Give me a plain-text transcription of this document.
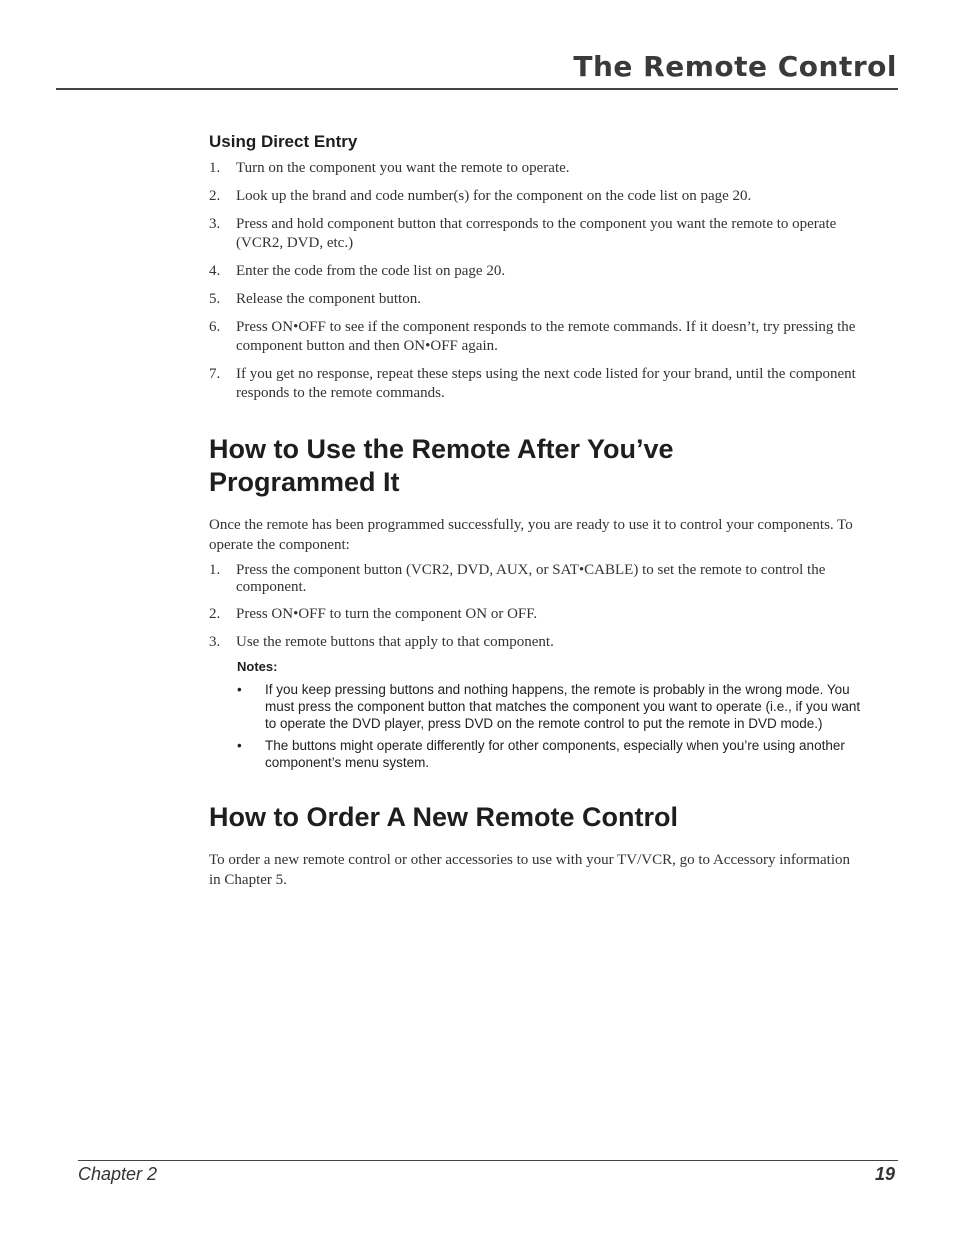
The Remote Control
Using Direct Entry
1. Turn on the component you want the remote to operate.
2. Look up the brand and code number(s) for the component on the code list on page 20.
3. Press and hold component button that corresponds to the component you want the remote to operate (VCR2, DVD, etc.)
4. Enter the code from the code list on page 20.
5. Release the component button.
6. Press ON•OFF to see if the component responds to the remote commands. If it doesn’t, try pressing the component button and then ON•OFF again.
7. If you get no response, repeat these steps using the next code listed for your brand, until the component responds to the remote commands.
How to Use the Remote After You’ve
Programmed It

Once the remote has been programmed successfully, you are ready to use it to control your components. To operate the component:

1. Press the component button (VCR2, DVD, AUX, or SAT•CABLE) to set the remote to control the component.
2. Press ON•OFF to turn the component ON or OFF.
3. Use the remote buttons that apply to that component.
Notes:
• If you keep pressing buttons and nothing happens, the remote is probably in the wrong mode. You must press the component button that matches the component you want to operate (i.e., if you want to operate the DVD player, press DVD on the remote control to put the remote in DVD mode.)
• The buttons might operate differently for other components, especially when you’re using another component’s menu system.
How to Order A New Remote Control

To order a new remote control or other accessories to use with your TV/VCR, go to Accessory information in Chapter 5.

Chapter 2	19
